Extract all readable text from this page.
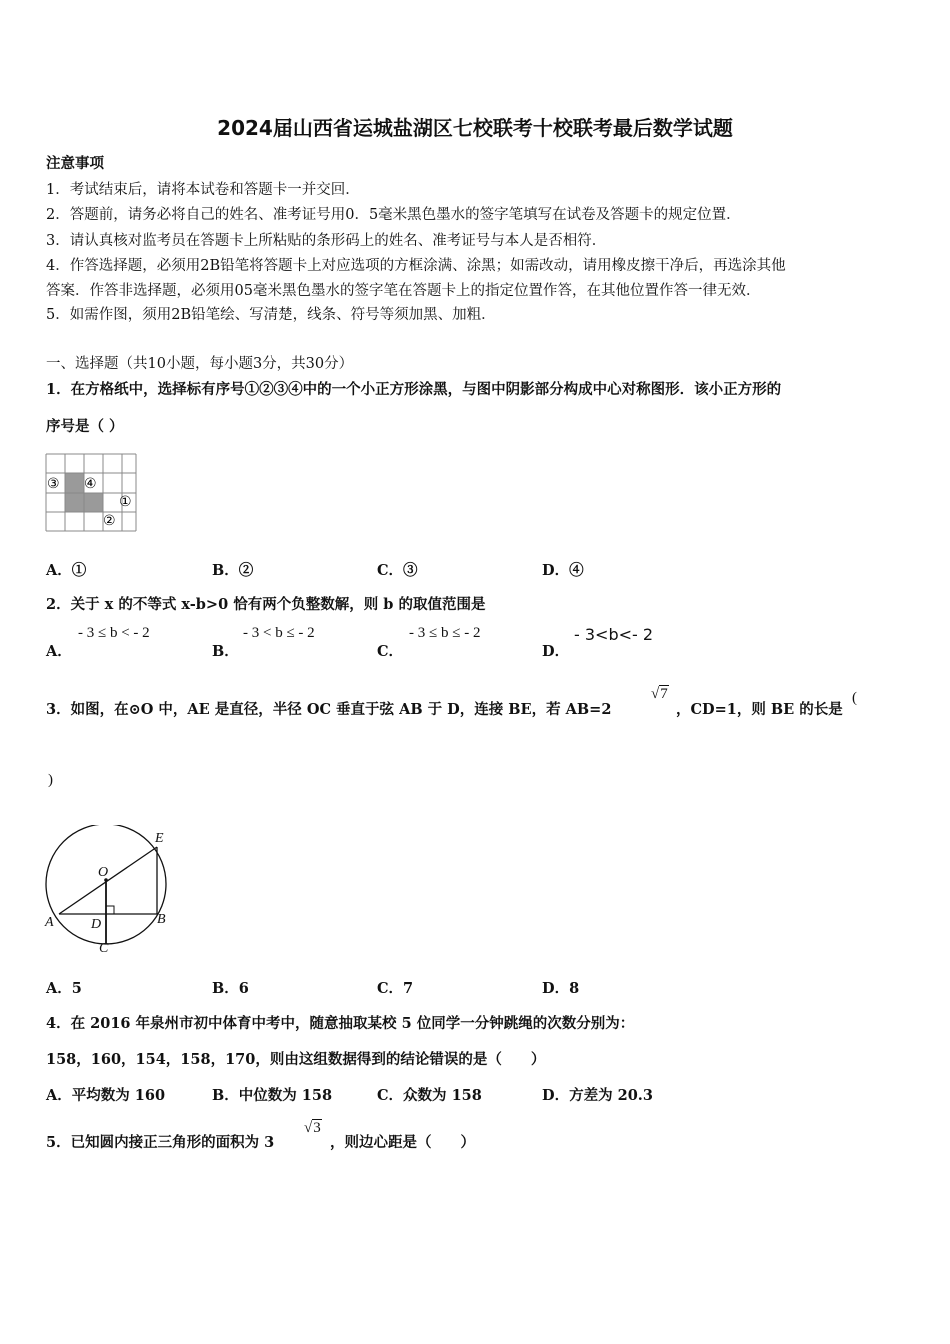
2024届山西省运城盐湖区七校联考十校联考最后数学试题
注意事项
1．考试结束后，请将本试卷和答题卡一并交回．
2．答题前，请务必将自己的姓名、准考证号用0．5毫米黑色墨水的签字笔填写在试卷及答题卡的规定位置．
3．请认真核对监考员在答题卡上所粘贴的条形码上的姓名、准考证号与本人是否相符．
4．作答选择题，必须用2B铅笔将答题卡上对应选项的方框涂满、涂黑；如需改动，请用橡皮擦干净后，再选涂其他
答案．作答非选择题，必须用05毫米黑色墨水的签字笔在答题卡上的指定位置作答，在其他位置作答一律无效．
5．如需作图，须用2B铅笔绘、写清楚，线条、符号等须加黑、加粗．
一、选择题（共10小题，每小题3分，共30分）
1．在方格纸中，选择标有序号①②③④中的一个小正方形涂黑，与图中阴影部分构成中心对称图形．该小正方形的
序号是（ ）
③ ④
①
②
A．①	B．②	C．③	D．④
2．关于 x 的不等式 x-b>0 恰有两个负整数解，则 b 的取值范围是
A．
- 3 ≤ b < - 2
B．
- 3 < b ≤ - 2
C．
- 3 ≤ b ≤ - 2
D．
- 3<b<- 2
3．如图，在⊙O 中，AE 是直径，半径 OC 垂直于弦 AB 于 D，连接 BE，若 AB=2
√7
，CD=1，则 BE 的长是
(
)
E
O
A	D	B
C
A．5	B．6	C．7	D．8
4．在 2016 年泉州市初中体育中考中，随意抽取某校 5 位同学一分钟跳绳的次数分别为：
158，160，154，158，170，则由这组数据得到的结论错误的是（　　）
A．平均数为 160	B．中位数为 158	C．众数为 158	D．方差为 20.3
5．已知圆内接正三角形的面积为 3
√3
，则边心距是（　　）
